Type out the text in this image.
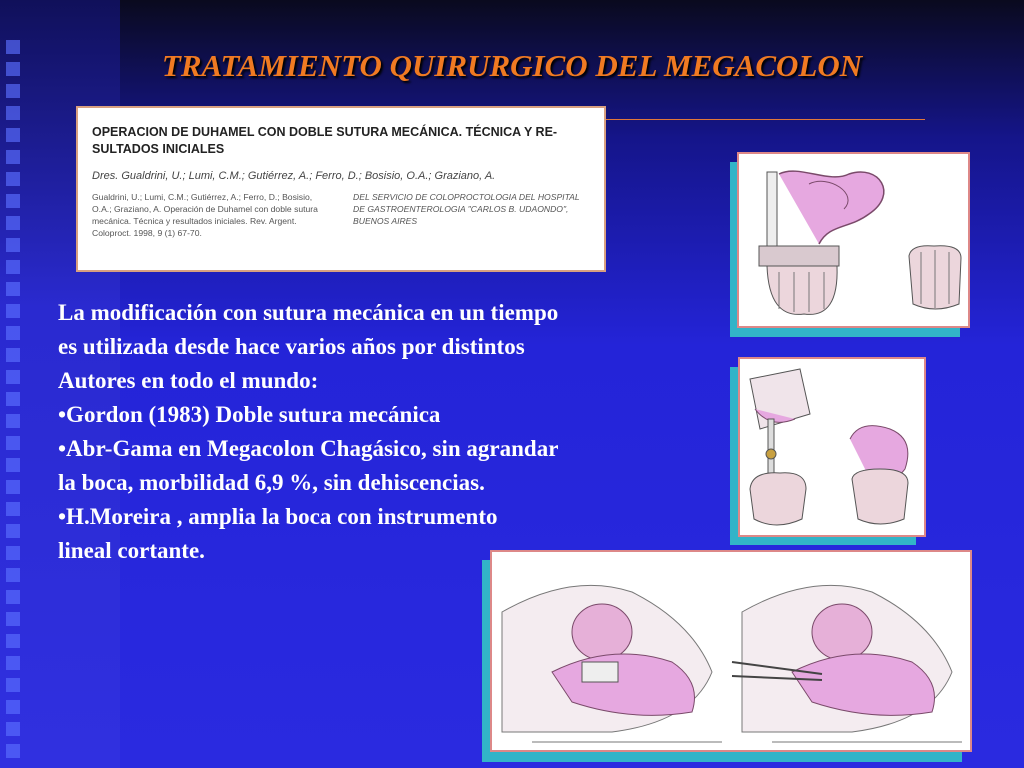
TRATAMIENTO QUIRURGICO DEL MEGACOLON
OPERACION DE DUHAMEL CON DOBLE SUTURA MECÁNICA. TÉCNICA Y RE-SULTADOS INICIALES
Dres. Gualdrini, U.; Lumi, C.M.; Gutiérrez, A.; Ferro, D.; Bosisio, O.A.; Graziano, A.
Gualdrini, U.; Lumi, C.M.; Gutiérrez, A.; Ferro, D.; Bosisio, O.A.; Graziano, A. Operación de Duhamel con doble sutura mecánica. Técnica y resultados iniciales. Rev. Argent. Coloproct. 1998, 9 (1) 67-70.
DEL SERVICIO DE COLOPROCTOLOGIA DEL HOSPITAL DE GASTROENTEROLOGIA "CARLOS B. UDAONDO", BUENOS AIRES

La modificación con sutura mecánica en un tiempo

es utilizada desde hace varios años por distintos

Autores en todo el mundo:

•Gordon (1983) Doble sutura mecánica

•Abr-Gama en Megacolon Chagásico, sin agrandar

la boca, morbilidad 6,9 %, sin dehiscencias.

•H.Moreira , amplia la boca con instrumento

lineal cortante.
